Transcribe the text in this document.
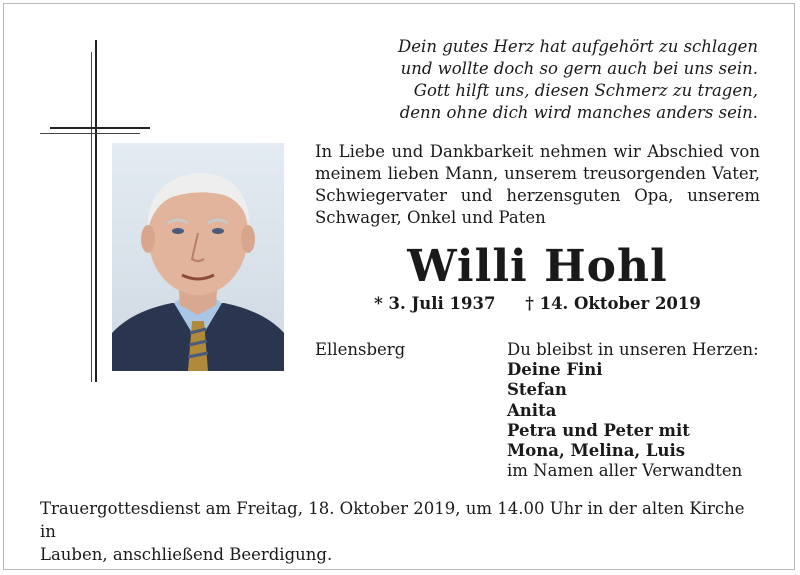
Dein gutes Herz hat aufgehört zu schlagen
und wollte doch so gern auch bei uns sein.
Gott hilft uns, diesen Schmerz zu tragen,
denn ohne dich wird manches anders sein.
In Liebe und Dankbarkeit nehmen wir Abschied von
meinem lieben Mann, unserem treusorgenden Vater,
Schwiegervater und herzensguten Opa, unserem
Schwager, Onkel und Paten
Willi Hohl
* 3. Juli 1937 † 14. Oktober 2019
Ellensberg	Du bleibst in unseren Herzen:
Deine Fini
Stefan
Anita
Petra und Peter mit
Mona, Melina, Luis
im Namen aller Verwandten
Trauergottesdienst am Freitag, 18. Oktober 2019, um 14.00 Uhr in der alten Kirche in
Lauben, anschließend Beerdigung.
